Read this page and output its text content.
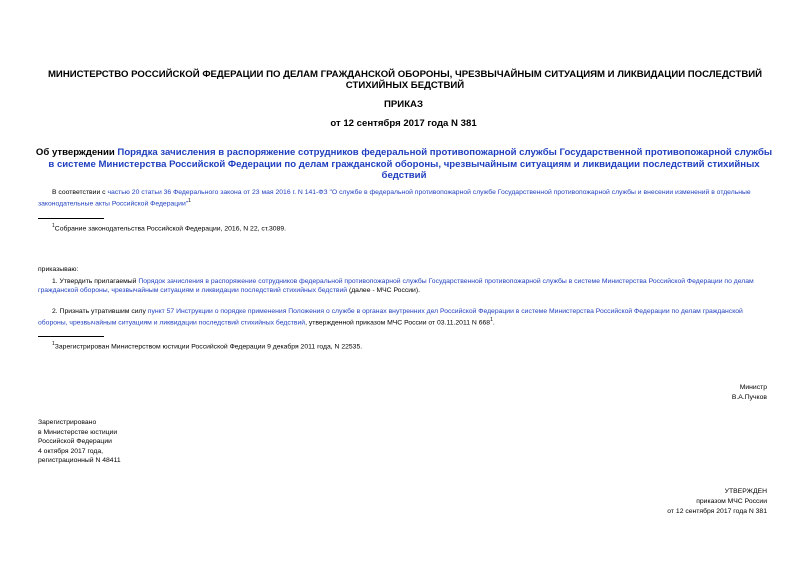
МИНИСТЕРСТВО РОССИЙСКОЙ ФЕДЕРАЦИИ ПО ДЕЛАМ ГРАЖДАНСКОЙ ОБОРОНЫ, ЧРЕЗВЫЧАЙНЫМ СИТУАЦИЯМ И ЛИКВИДАЦИИ ПОСЛЕДСТВИЙ СТИХИЙНЫХ БЕДСТВИЙ
ПРИКАЗ
от 12 сентября 2017 года N 381
Об утверждении Порядка зачисления в распоряжение сотрудников федеральной противопожарной службы Государственной противопожарной службы в системе Министерства Российской Федерации по делам гражданской обороны, чрезвычайным ситуациям и ликвидации последствий стихийных бедствий
В соответствии с частью 20 статьи 36 Федерального закона от 23 мая 2016 г. N 141-ФЗ "О службе в федеральной противопожарной службе Государственной противопожарной службы и внесении изменений в отдельные законодательные акты Российской Федерации"$^1$
$^1$Собрание законодательства Российской Федерации, 2016, N 22, ст.3089.
приказываю:
1. Утвердить прилагаемый Порядок зачисления в распоряжение сотрудников федеральной противопожарной службы Государственной противопожарной службы в системе Министерства Российской Федерации по делам гражданской обороны, чрезвычайным ситуациям и ликвидации последствий стихийных бедствий (далее - МЧС России).
2. Признать утратившим силу пункт 57 Инструкции о порядке применения Положения о службе в органах внутренних дел Российской Федерации в системе Министерства Российской Федерации по делам гражданской обороны, чрезвычайным ситуациям и ликвидации последствий стихийных бедствий, утвержденной приказом МЧС России от 03.11.2011 N $668^1$.
$^1$Зарегистрирован Министерством юстиции Российской Федерации 9 декабря 2011 года, N 22535.
Министр
В.А.Пучков
Зарегистрировано
в Министерстве юстиции
Российской Федерации
4 октября 2017 года,
регистрационный N 48411
УТВЕРЖДЕН
приказом МЧС России
от 12 сентября 2017 года N 381
